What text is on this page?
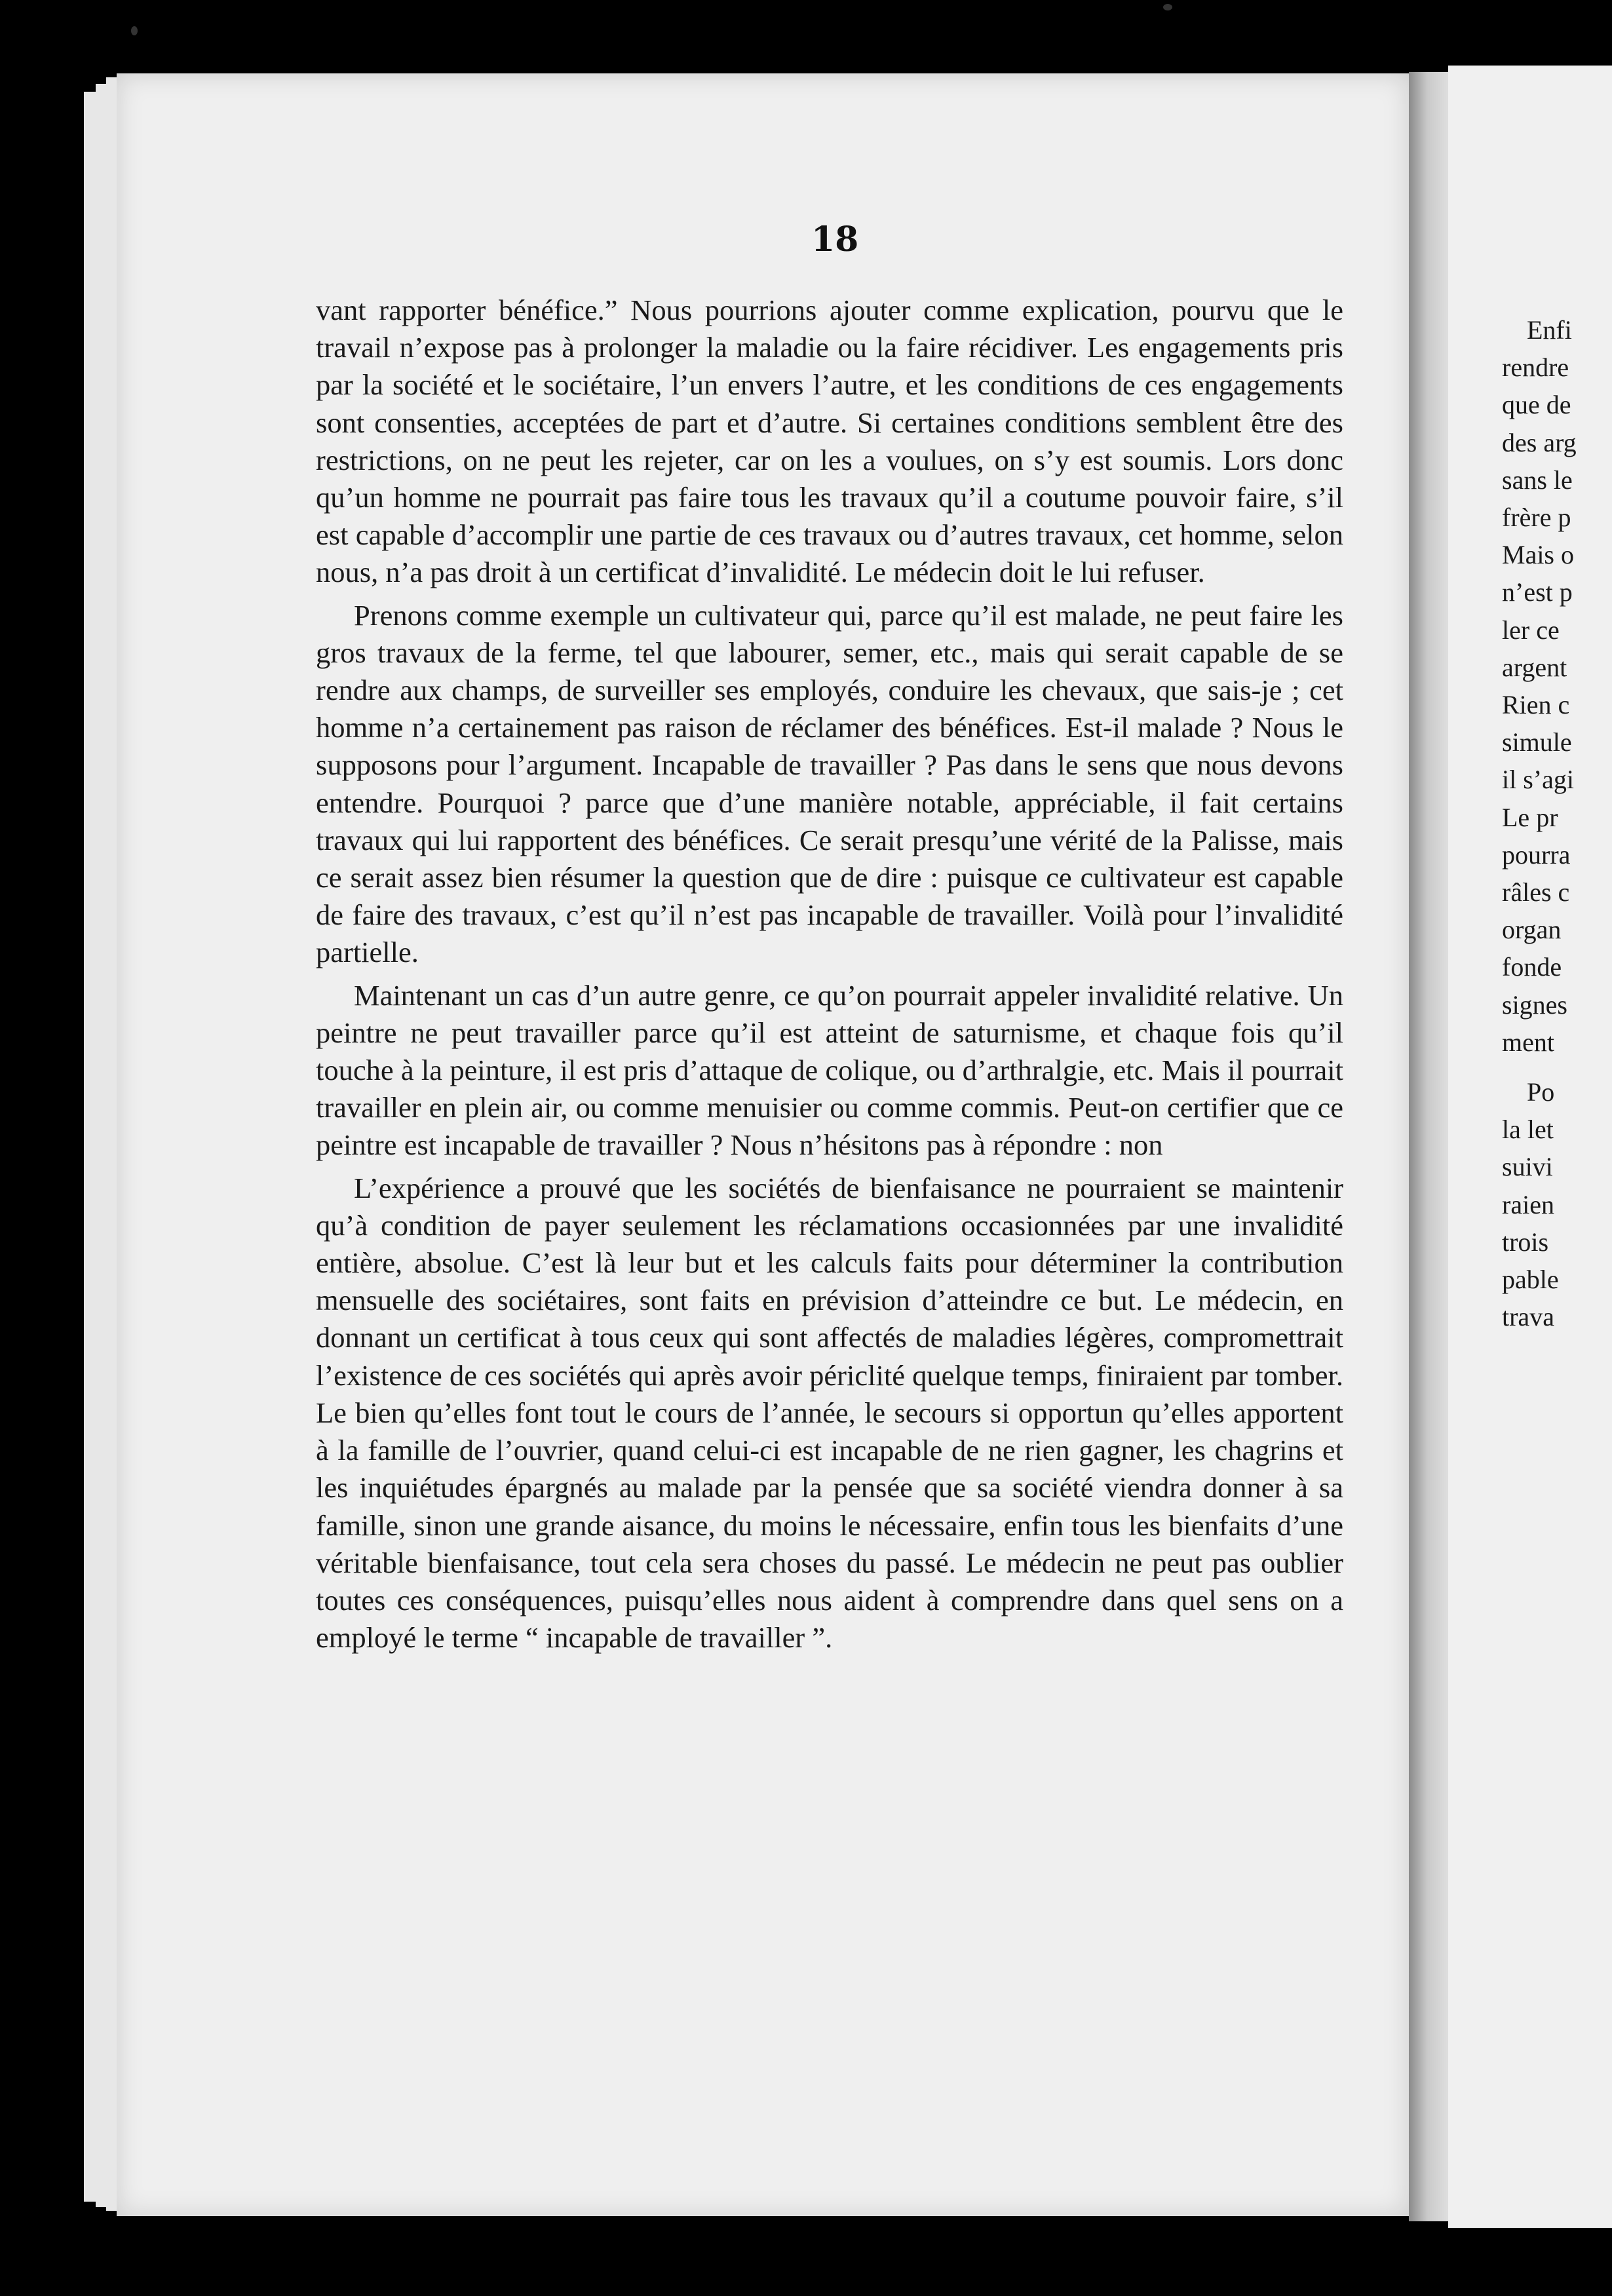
18

vant rapporter bénéfice.” Nous pourrions ajouter comme explication, pourvu que le travail n’expose pas à prolonger la maladie ou la faire récidiver. Les engagements pris par la société et le sociétaire, l’un envers l’autre, et les conditions de ces engagements sont consenties, acceptées de part et d’autre. Si certaines conditions semblent être des restrictions, on ne peut les rejeter, car on les a voulues, on s’y est soumis. Lors donc qu’un homme ne pourrait pas faire tous les travaux qu’il a coutume pouvoir faire, s’il est capable d’accomplir une partie de ces travaux ou d’autres travaux, cet homme, selon nous, n’a pas droit à un certificat d’invalidité. Le médecin doit le lui refuser.

Prenons comme exemple un cultivateur qui, parce qu’il est malade, ne peut faire les gros travaux de la ferme, tel que labourer, semer, etc., mais qui serait capable de se rendre aux champs, de surveiller ses employés, conduire les chevaux, que sais-je ; cet homme n’a certainement pas raison de réclamer des bénéfices. Est-il malade ? Nous le supposons pour l’argument. Incapable de travailler ? Pas dans le sens que nous devons entendre. Pourquoi ? parce que d’une manière notable, appréciable, il fait certains travaux qui lui rapportent des bénéfices. Ce serait presqu’une vérité de la Palisse, mais ce serait assez bien résumer la question que de dire : puisque ce cultivateur est capable de faire des travaux, c’est qu’il n’est pas incapable de travailler. Voilà pour l’invalidité partielle.

Maintenant un cas d’un autre genre, ce qu’on pourrait appeler invalidité relative. Un peintre ne peut travailler parce qu’il est atteint de saturnisme, et chaque fois qu’il touche à la peinture, il est pris d’attaque de colique, ou d’arthralgie, etc. Mais il pourrait travailler en plein air, ou comme menuisier ou comme commis. Peut-on certifier que ce peintre est incapable de travailler ? Nous n’hésitons pas à répondre : non

L’expérience a prouvé que les sociétés de bienfaisance ne pourraient se maintenir qu’à condition de payer seulement les réclamations occasionnées par une invalidité entière, absolue. C’est là leur but et les calculs faits pour déterminer la contribution mensuelle des sociétaires, sont faits en prévision d’atteindre ce but. Le médecin, en donnant un certificat à tous ceux qui sont affectés de maladies légères, compromettrait l’existence de ces sociétés qui après avoir périclité quelque temps, finiraient par tomber. Le bien qu’elles font tout le cours de l’année, le secours si opportun qu’elles apportent à la famille de l’ouvrier, quand celui-ci est incapable de ne rien gagner, les chagrins et les inquiétudes épargnés au malade par la pensée que sa société viendra donner à sa famille, sinon une grande aisance, du moins le nécessaire, enfin tous les bienfaits d’une véritable bienfaisance, tout cela sera choses du passé. Le médecin ne peut pas oublier toutes ces conséquences, puisqu’elles nous aident à comprendre dans quel sens on a employé le terme “ incapable de travailler ”.

Enfi
rendre
que de
des arg
sans le
frère p
Mais o
n’est p
ler ce
argent
Rien c
simule
il s’agi
Le pr
pourra
râles c
organ
fonde
signes
ment
Po
la let
suivi
raien
trois
pable
trava
